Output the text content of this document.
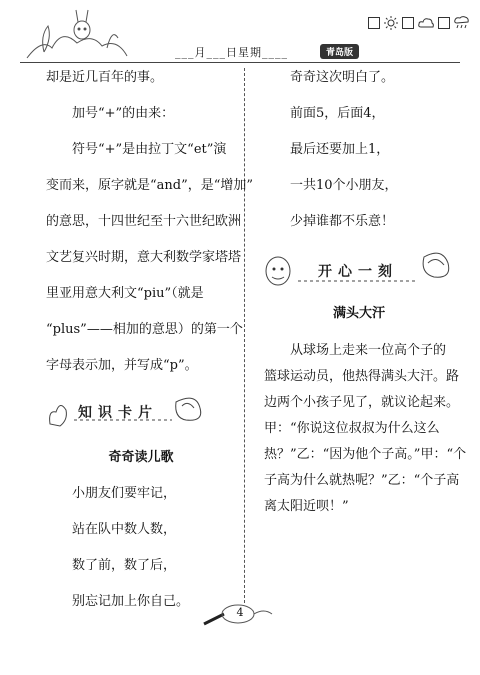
___月___日星期____	青岛版

却是近几百年的事。

加号“+”的由来：

符号“+”是由拉丁文“et”演

变而来，原字就是“and”，是“增加”

的意思，十四世纪至十六世纪欧洲

文艺复兴时期，意大利数学家塔塔

里亚用意大利文“piu”（就是

“plus”——相加的意思）的第一个

字母表示加，并写成“p”。

知识卡片

奇奇读儿歌

小朋友们要牢记，

站在队中数人数，

数了前，数了后，

别忘记加上你自己。

奇奇这次明白了。

前面5，后面4，

最后还要加上1，

一共10个小朋友，

少掉谁都不乐意！

开心一刻

满头大汗

从球场上走来一位高个子的

篮球运动员，他热得满头大汗。路

边两个小孩子见了，就议论起来。

甲：“你说这位叔叔为什么这么

热？”乙：“因为他个子高。”甲：“个

子高为什么就热呢？”乙：“个子高

离太阳近呗！”

4
